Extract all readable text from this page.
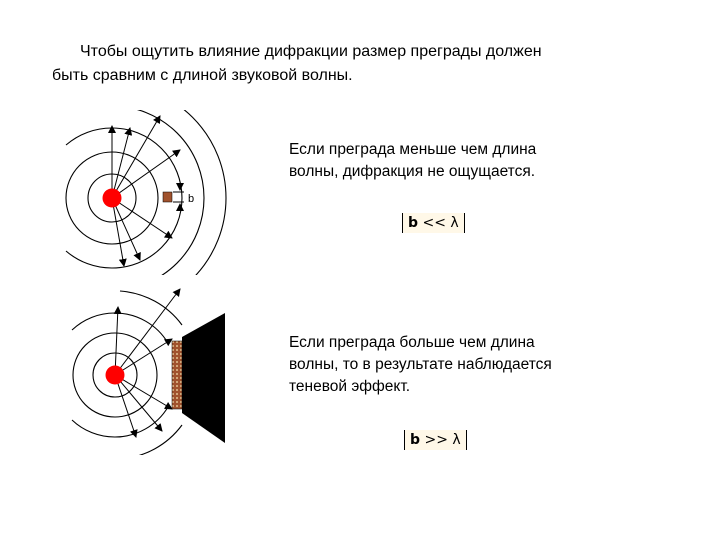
Чтобы ощутить влияние дифракции размер преграды должен
быть сравним с длиной звуковой волны.

b

Если преграда меньше чем длина
волны, дифракция не ощущается.

b << λ

Если преграда больше чем длина
волны, то в результате наблюдается
теневой эффект.

b >> λ
